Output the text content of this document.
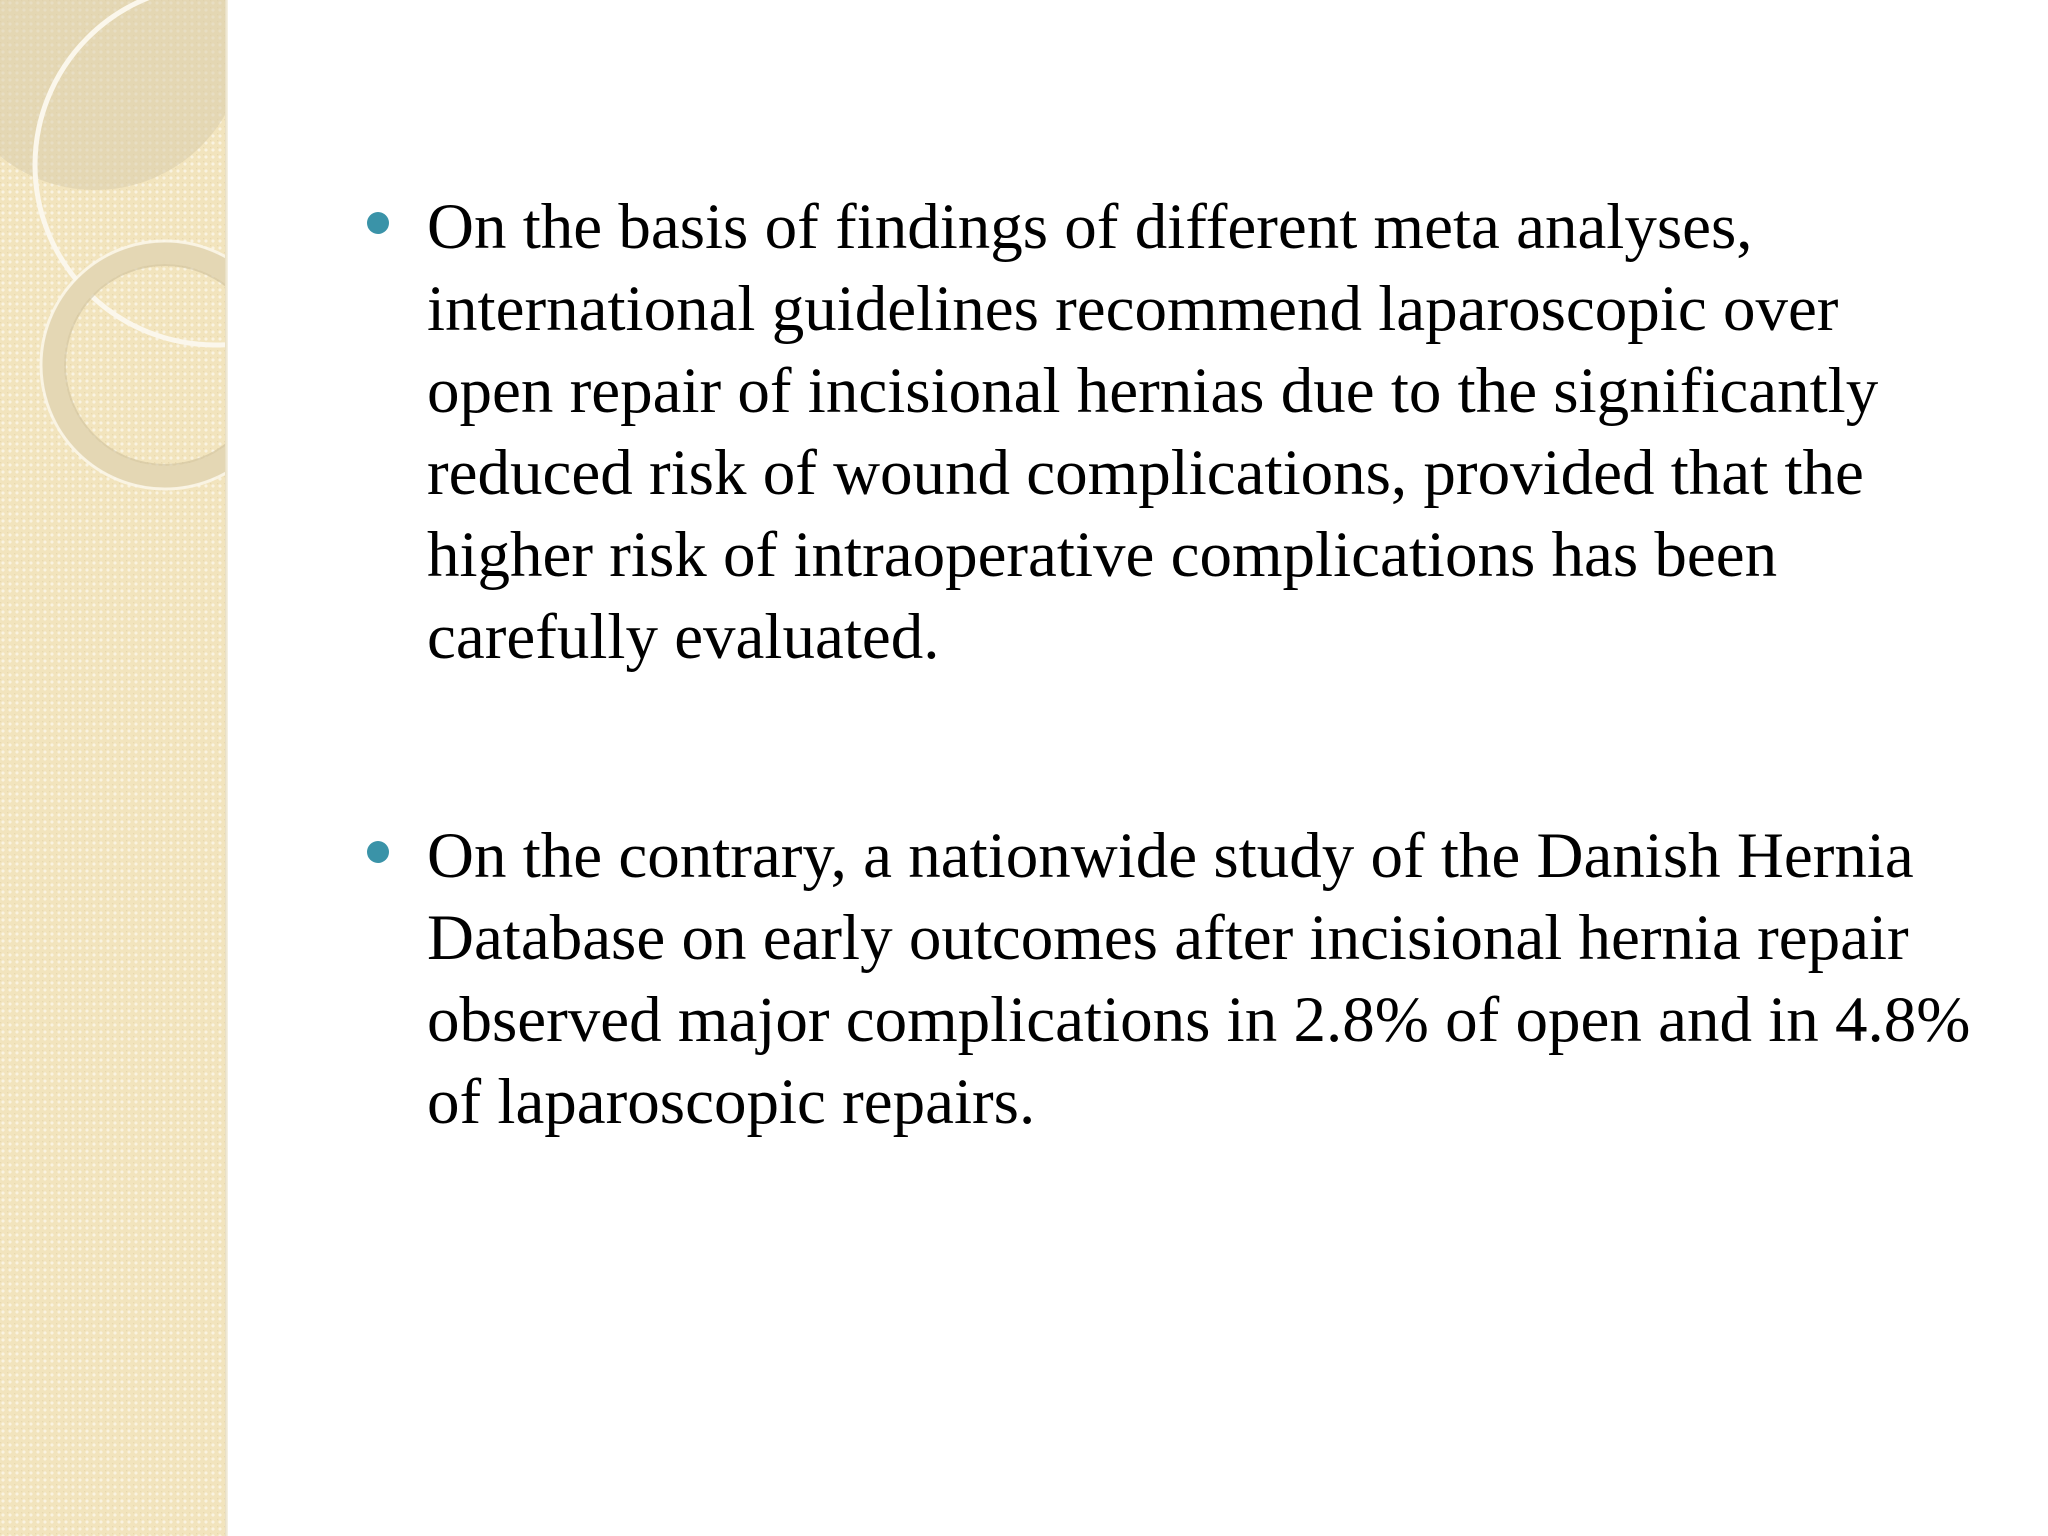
On the basis of findings of different meta analyses, international guidelines recommend laparoscopic over open repair of incisional hernias due to the significantly reduced risk of wound complications, provided that the higher risk of intraoperative complications has been carefully evaluated.
On the contrary, a nationwide study of the Danish Hernia Database on early outcomes after incisional hernia repair observed major complications in 2.8% of open and in 4.8% of laparoscopic repairs.
